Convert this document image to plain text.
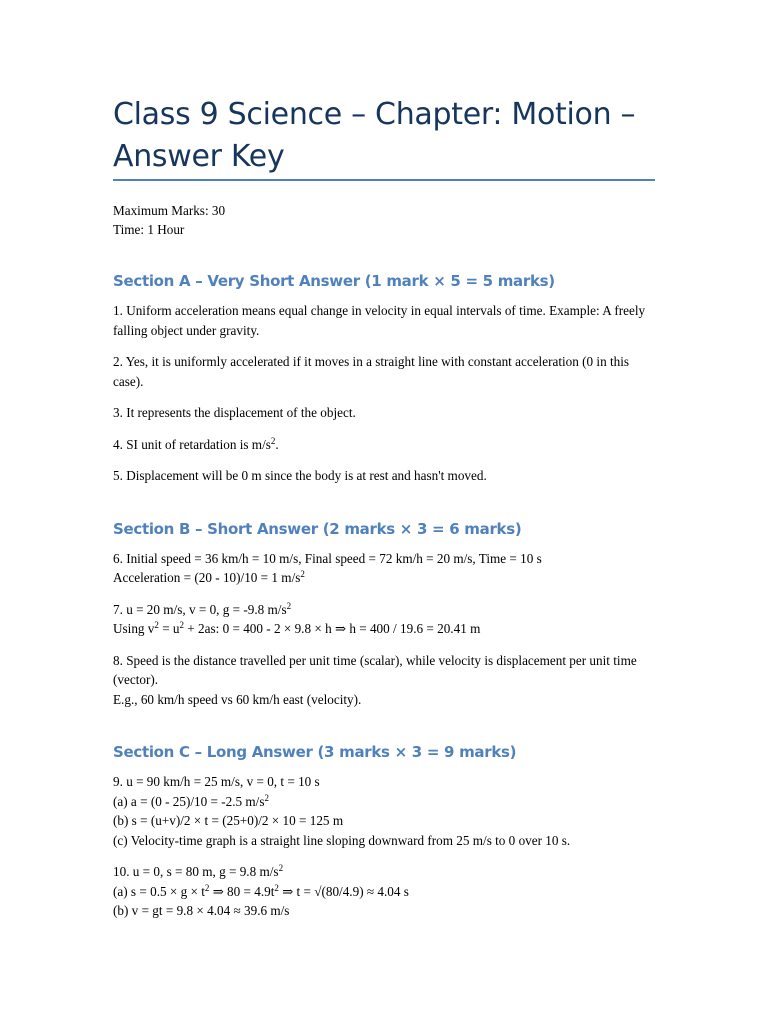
Class 9 Science – Chapter: Motion – Answer Key
Maximum Marks: 30
Time: 1 Hour
Section A – Very Short Answer (1 mark × 5 = 5 marks)

1. Uniform acceleration means equal change in velocity in equal intervals of time. Example: A freely falling object under gravity.

2. Yes, it is uniformly accelerated if it moves in a straight line with constant acceleration (0 in this case).

3. It represents the displacement of the object.

4. SI unit of retardation is $m/s^2$.

5. Displacement will be 0 m since the body is at rest and hasn't moved.

Section B – Short Answer (2 marks × 3 = 6 marks)

6. Initial speed = 36 km/h = 10 m/s, Final speed = 72 km/h = 20 m/s, Time = 10 s
Acceleration = (20 - 10)/10 = 1 $m/s^2$

7. u = 20 m/s, v = 0, g = -9.8 $m/s^2$
Using $v^2 = u^2 + 2as$: 0 = 400 - 2 × 9.8 × h ⇒ h = 400 / 19.6 = 20.41 m

8. Speed is the distance travelled per unit time (scalar), while velocity is displacement per unit time (vector).
E.g., 60 km/h speed vs 60 km/h east (velocity).

Section C – Long Answer (3 marks × 3 = 9 marks)

9. u = 90 km/h = 25 m/s, v = 0, t = 10 s
(a) a = (0 - 25)/10 = -2.5 $m/s^2$
(b) s = (u+v)/2 × t = (25+0)/2 × 10 = 125 m
(c) Velocity-time graph is a straight line sloping downward from 25 m/s to 0 over 10 s.

10. u = 0, s = 80 m, g = 9.8 $m/s^2$
(a) $s = 0.5 \times g \times t^2$ ⇒ $80 = 4.9t^2$ ⇒ t = √(80/4.9) ≈ 4.04 s
(b) v = gt = 9.8 × 4.04 ≈ 39.6 m/s
